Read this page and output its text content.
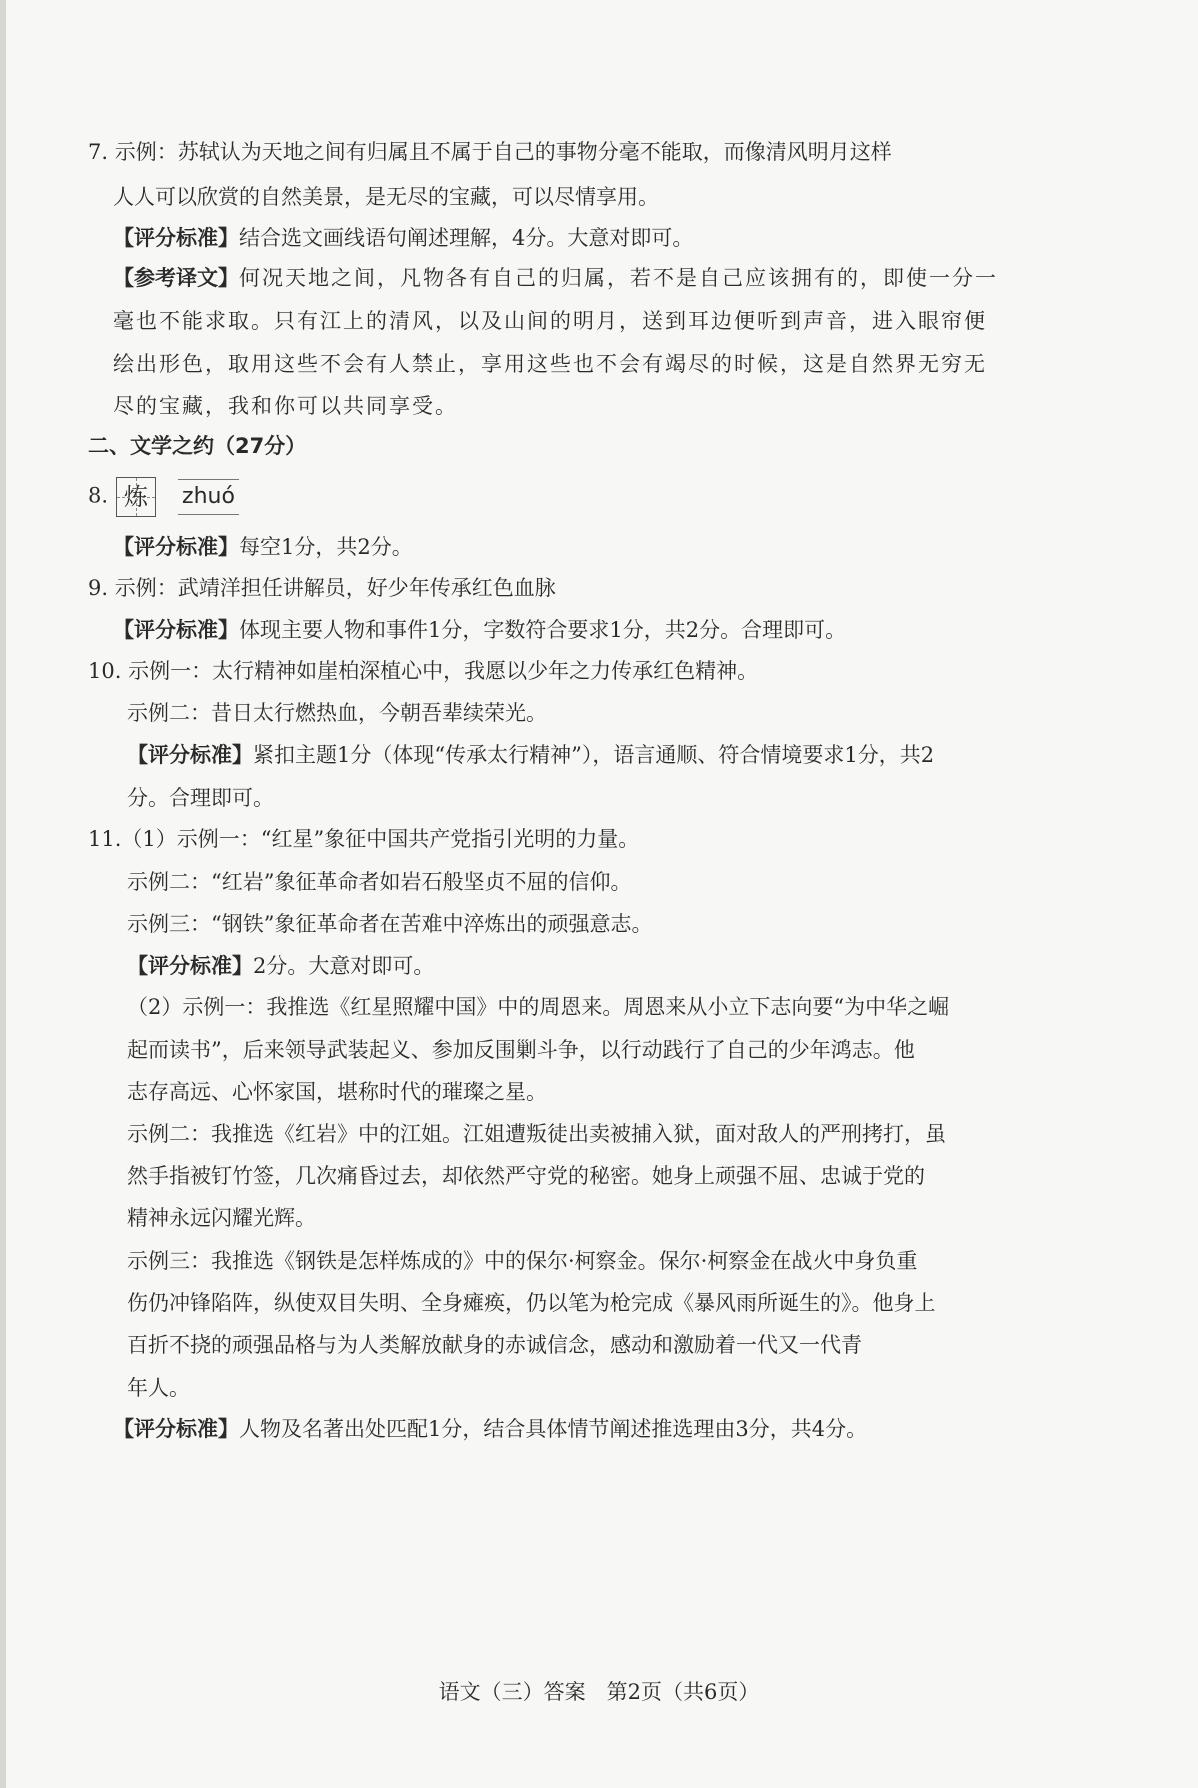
7. 示例：苏轼认为天地之间有归属且不属于自己的事物分毫不能取，而像清风明月这样
人人可以欣赏的自然美景，是无尽的宝藏，可以尽情享用。
【评分标准】结合选文画线语句阐述理解，4分。大意对即可。
【参考译文】何况天地之间，凡物各有自己的归属，若不是自己应该拥有的，即使一分一
毫也不能求取。只有江上的清风，以及山间的明月，送到耳边便听到声音，进入眼帘便
绘出形色，取用这些不会有人禁止，享用这些也不会有竭尽的时候，这是自然界无穷无
尽的宝藏，我和你可以共同享受。
二、文学之约（27分）
8. 炼 zhuó
【评分标准】每空1分，共2分。
9. 示例：武靖洋担任讲解员，好少年传承红色血脉
【评分标准】体现主要人物和事件1分，字数符合要求1分，共2分。合理即可。
10. 示例一：太行精神如崖柏深植心中，我愿以少年之力传承红色精神。
示例二：昔日太行燃热血，今朝吾辈续荣光。
【评分标准】紧扣主题1分（体现“传承太行精神”），语言通顺、符合情境要求1分，共2
分。合理即可。
11.（1）示例一：“红星”象征中国共产党指引光明的力量。
示例二：“红岩”象征革命者如岩石般坚贞不屈的信仰。
示例三：“钢铁”象征革命者在苦难中淬炼出的顽强意志。
【评分标准】2分。大意对即可。
（2）示例一：我推选《红星照耀中国》中的周恩来。周恩来从小立下志向要“为中华之崛
起而读书”，后来领导武装起义、参加反围剿斗争，以行动践行了自己的少年鸿志。他
志存高远、心怀家国，堪称时代的璀璨之星。
示例二：我推选《红岩》中的江姐。江姐遭叛徒出卖被捕入狱，面对敌人的严刑拷打，虽
然手指被钉竹签，几次痛昏过去，却依然严守党的秘密。她身上顽强不屈、忠诚于党的
精神永远闪耀光辉。
示例三：我推选《钢铁是怎样炼成的》中的保尔·柯察金。保尔·柯察金在战火中身负重
伤仍冲锋陷阵，纵使双目失明、全身瘫痪，仍以笔为枪完成《暴风雨所诞生的》。他身上
百折不挠的顽强品格与为人类解放献身的赤诚信念，感动和激励着一代又一代青
年人。
【评分标准】人物及名著出处匹配1分，结合具体情节阐述推选理由3分，共4分。
语文（三）答案　第2页（共6页）
